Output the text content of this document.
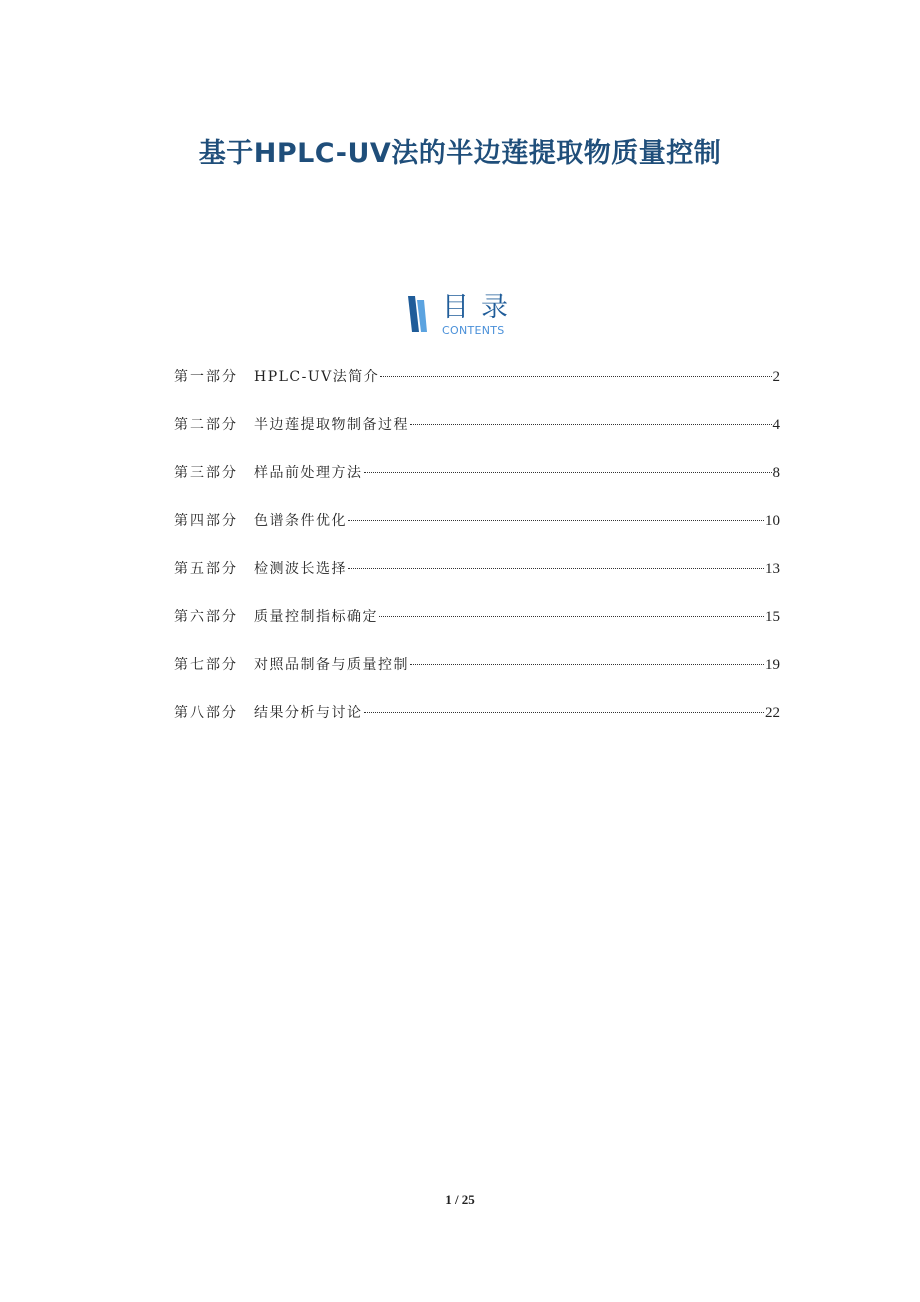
基于HPLC-UV法的半边莲提取物质量控制
目录
CONTENTS
第一部分	HPLC-UV法简介	2
第二部分	半边莲提取物制备过程	4
第三部分	样品前处理方法	8
第四部分	色谱条件优化	10
第五部分	检测波长选择	13
第六部分	质量控制指标确定	15
第七部分	对照品制备与质量控制	19
第八部分	结果分析与讨论	22
1 / 25
